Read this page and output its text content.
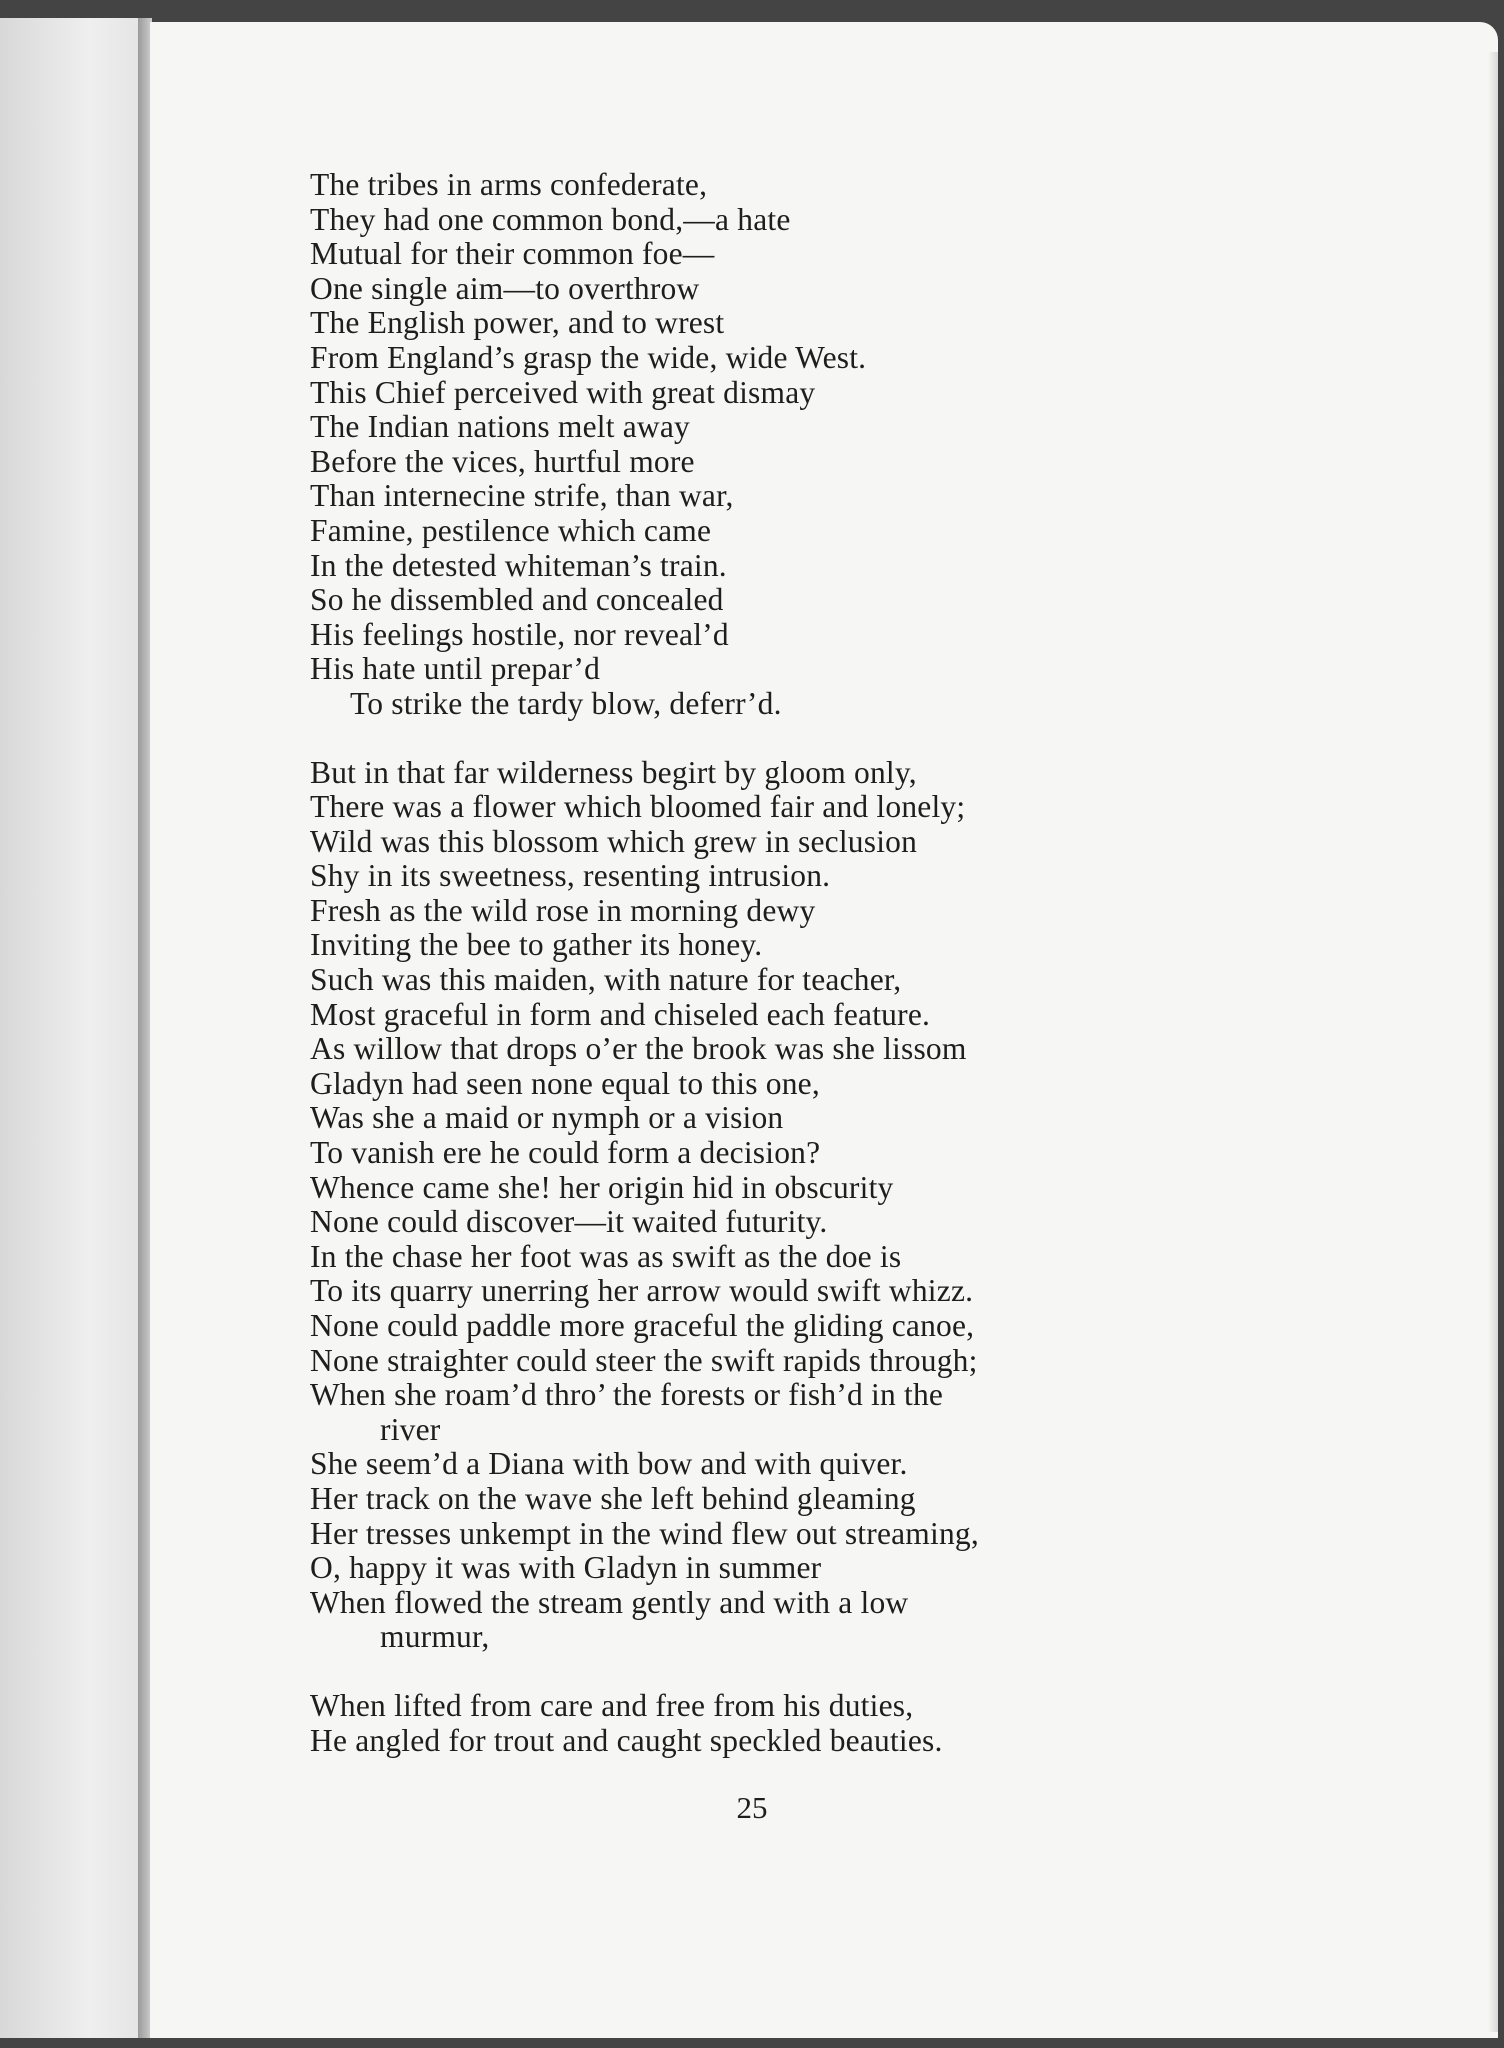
The tribes in arms confederate,
They had one common bond,—a hate
Mutual for their common foe—
One single aim—to overthrow
The English power, and to wrest
From England’s grasp the wide, wide West.
This Chief perceived with great dismay
The Indian nations melt away
Before the vices, hurtful more
Than internecine strife, than war,
Famine, pestilence which came
In the detested whiteman’s train.
So he dissembled and concealed
His feelings hostile, nor reveal’d
His hate until prepar’d
To strike the tardy blow, deferr’d.
But in that far wilderness begirt by gloom only,
There was a flower which bloomed fair and lonely;
Wild was this blossom which grew in seclusion
Shy in its sweetness, resenting intrusion.
Fresh as the wild rose in morning dewy
Inviting the bee to gather its honey.
Such was this maiden, with nature for teacher,
Most graceful in form and chiseled each feature.
As willow that drops o’er the brook was she lissom
Gladyn had seen none equal to this one,
Was she a maid or nymph or a vision
To vanish ere he could form a decision?
Whence came she! her origin hid in obscurity
None could discover—it waited futurity.
In the chase her foot was as swift as the doe is
To its quarry unerring her arrow would swift whizz.
None could paddle more graceful the gliding canoe,
None straighter could steer the swift rapids through;
When she roam’d thro’ the forests or fish’d in the
river
She seem’d a Diana with bow and with quiver.
Her track on the wave she left behind gleaming
Her tresses unkempt in the wind flew out streaming,
O, happy it was with Gladyn in summer
When flowed the stream gently and with a low
murmur,
When lifted from care and free from his duties,
He angled for trout and caught speckled beauties.
25
